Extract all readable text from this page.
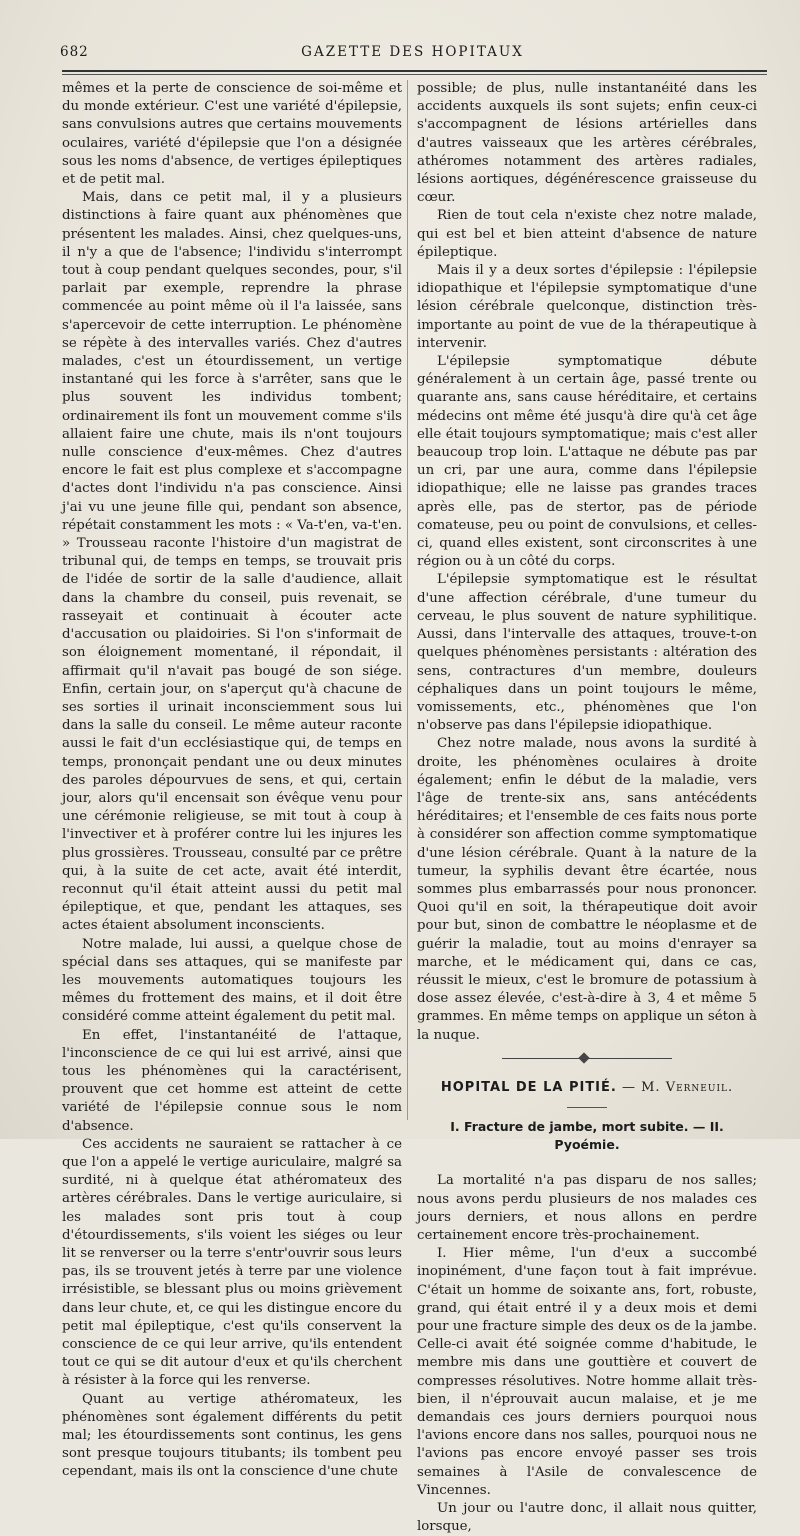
682	GAZETTE DES HOPITAUX

mêmes et la perte de conscience de soi-même et du monde extérieur. C'est une variété d'épilepsie, sans convulsions autres que certains mouvements oculaires, variété d'épilepsie que l'on a désignée sous les noms d'absence, de vertiges épileptiques et de petit mal.

Mais, dans ce petit mal, il y a plusieurs distinctions à faire quant aux phénomènes que présentent les malades. Ainsi, chez quelques-uns, il n'y a que de l'absence; l'individu s'interrompt tout à coup pendant quelques secondes, pour, s'il parlait par exemple, reprendre la phrase commencée au point même où il l'a laissée, sans s'apercevoir de cette interruption. Le phénomène se répète à des intervalles variés. Chez d'autres malades, c'est un étourdissement, un vertige instantané qui les force à s'arrêter, sans que le plus souvent les individus tombent; ordinairement ils font un mouvement comme s'ils allaient faire une chute, mais ils n'ont toujours nulle conscience d'eux-mêmes. Chez d'autres encore le fait est plus complexe et s'accompagne d'actes dont l'individu n'a pas conscience. Ainsi j'ai vu une jeune fille qui, pendant son absence, répétait constamment les mots : « Va-t'en, va-t'en. » Trousseau raconte l'histoire d'un magistrat de tribunal qui, de temps en temps, se trouvait pris de l'idée de sortir de la salle d'audience, allait dans la chambre du conseil, puis revenait, se rasseyait et continuait à écouter acte d'accusation ou plaidoiries. Si l'on s'informait de son éloignement momentané, il répondait, il affirmait qu'il n'avait pas bougé de son siége. Enfin, certain jour, on s'aperçut qu'à chacune de ses sorties il urinait inconsciemment sous lui dans la salle du conseil. Le même auteur raconte aussi le fait d'un ecclésiastique qui, de temps en temps, prononçait pendant une ou deux minutes des paroles dépourvues de sens, et qui, certain jour, alors qu'il encensait son évêque venu pour une cérémonie religieuse, se mit tout à coup à l'invectiver et à proférer contre lui les injures les plus grossières. Trousseau, consulté par ce prêtre qui, à la suite de cet acte, avait été interdit, reconnut qu'il était atteint aussi du petit mal épileptique, et que, pendant les attaques, ses actes étaient absolument inconscients.

Notre malade, lui aussi, a quelque chose de spécial dans ses attaques, qui se manifeste par les mouvements automatiques toujours les mêmes du frottement des mains, et il doit être considéré comme atteint également du petit mal.

En effet, l'instantanéité de l'attaque, l'inconscience de ce qui lui est arrivé, ainsi que tous les phénomènes qui la caractérisent, prouvent que cet homme est atteint de cette variété de l'épilepsie connue sous le nom d'absence.

Ces accidents ne sauraient se rattacher à ce que l'on a appelé le vertige auriculaire, malgré sa surdité, ni à quelque état athéromateux des artères cérébrales. Dans le vertige auriculaire, si les malades sont pris tout à coup d'étourdissements, s'ils voient les siéges ou leur lit se renverser ou la terre s'entr'ouvrir sous leurs pas, ils se trouvent jetés à terre par une violence irrésistible, se blessant plus ou moins grièvement dans leur chute, et, ce qui les distingue encore du petit mal épileptique, c'est qu'ils conservent la conscience de ce qui leur arrive, qu'ils entendent tout ce qui se dit autour d'eux et qu'ils cherchent à résister à la force qui les renverse.

Quant au vertige athéromateux, les phénomènes sont également différents du petit mal; les étourdissements sont continus, les gens sont presque toujours titubants; ils tombent peu cependant, mais ils ont la conscience d'une chute

possible; de plus, nulle instantanéité dans les accidents auxquels ils sont sujets; enfin ceux-ci s'accompagnent de lésions artérielles dans d'autres vaisseaux que les artères cérébrales, athéromes notamment des artères radiales, lésions aortiques, dégénérescence graisseuse du cœur.

Rien de tout cela n'existe chez notre malade, qui est bel et bien atteint d'absence de nature épileptique.

Mais il y a deux sortes d'épilepsie : l'épilepsie idiopathique et l'épilepsie symptomatique d'une lésion cérébrale quelconque, distinction très-importante au point de vue de la thérapeutique à intervenir.

L'épilepsie symptomatique débute généralement à un certain âge, passé trente ou quarante ans, sans cause héréditaire, et certains médecins ont même été jusqu'à dire qu'à cet âge elle était toujours symptomatique; mais c'est aller beaucoup trop loin. L'attaque ne débute pas par un cri, par une aura, comme dans l'épilepsie idiopathique; elle ne laisse pas grandes traces après elle, pas de stertor, pas de période comateuse, peu ou point de convulsions, et celles-ci, quand elles existent, sont circonscrites à une région ou à un côté du corps.

L'épilepsie symptomatique est le résultat d'une affection cérébrale, d'une tumeur du cerveau, le plus souvent de nature syphilitique. Aussi, dans l'intervalle des attaques, trouve-t-on quelques phénomènes persistants : altération des sens, contractures d'un membre, douleurs céphaliques dans un point toujours le même, vomissements, etc., phénomènes que l'on n'observe pas dans l'épilepsie idiopathique.

Chez notre malade, nous avons la surdité à droite, les phénomènes oculaires à droite également; enfin le début de la maladie, vers l'âge de trente-six ans, sans antécédents héréditaires; et l'ensemble de ces faits nous porte à considérer son affection comme symptomatique d'une lésion cérébrale. Quant à la nature de la tumeur, la syphilis devant être écartée, nous sommes plus embarrassés pour nous prononcer. Quoi qu'il en soit, la thérapeutique doit avoir pour but, sinon de combattre le néoplasme et de guérir la maladie, tout au moins d'enrayer sa marche, et le médicament qui, dans ce cas, réussit le mieux, c'est le bromure de potassium à dose assez élevée, c'est-à-dire à 3, 4 et même 5 grammes. En même temps on applique un séton à la nuque.

HOPITAL DE LA PITIÉ. — M. Verneuil.
I. Fracture de jambe, mort subite. — II. Pyoémie.

La mortalité n'a pas disparu de nos salles; nous avons perdu plusieurs de nos malades ces jours derniers, et nous allons en perdre certainement encore très-prochainement.

I. Hier même, l'un d'eux a succombé inopinément, d'une façon tout à fait imprévue. C'était un homme de soixante ans, fort, robuste, grand, qui était entré il y a deux mois et demi pour une fracture simple des deux os de la jambe. Celle-ci avait été soignée comme d'habitude, le membre mis dans une gouttière et couvert de compresses résolutives. Notre homme allait très-bien, il n'éprouvait aucun malaise, et je me demandais ces jours derniers pourquoi nous l'avions encore dans nos salles, pourquoi nous ne l'avions pas encore envoyé passer ses trois semaines à l'Asile de convalescence de Vincennes.

Un jour ou l'autre donc, il allait nous quitter, lorsque,
